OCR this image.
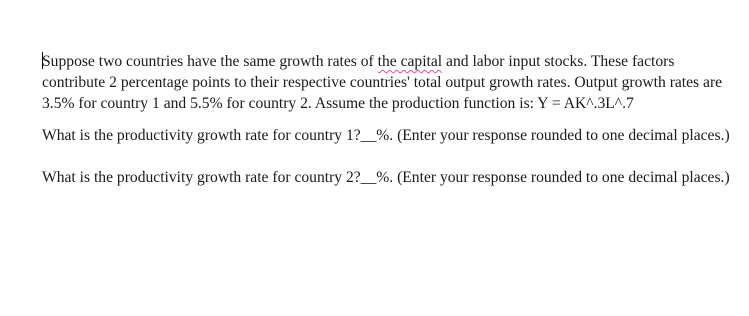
Suppose two countries have the same growth rates of the capital and labor input stocks. These factors contribute 2 percentage points to their respective countries' total output growth rates. Output growth rates are 3.5% for country 1 and 5.5% for country 2. Assume the production function is: Y = AK^.3L^.7

What is the productivity growth rate for country 1?__%. (Enter your response rounded to one decimal places.)

What is the productivity growth rate for country 2?__%. (Enter your response rounded to one decimal places.)
